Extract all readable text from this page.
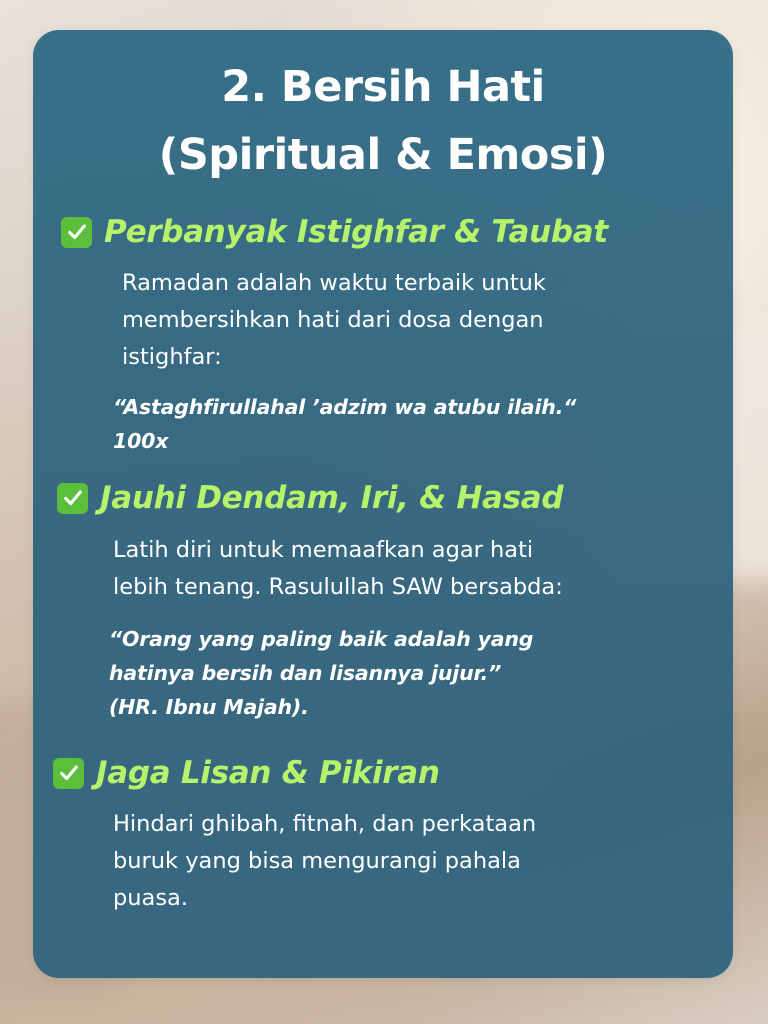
2. Bersih Hati
(Spiritual & Emosi)
Perbanyak Istighfar & Taubat
Ramadan adalah waktu terbaik untuk
membersihkan hati dari dosa dengan
istighfar:
“Astaghfirullahal ’adzim wa atubu ilaih.“
100x
Jauhi Dendam, Iri, & Hasad
Latih diri untuk memaafkan agar hati
lebih tenang. Rasulullah SAW bersabda:
“Orang yang paling baik adalah yang
hatinya bersih dan lisannya jujur.”
(HR. Ibnu Majah).
Jaga Lisan & Pikiran
Hindari ghibah, fitnah, dan perkataan
buruk yang bisa mengurangi pahala
puasa.
